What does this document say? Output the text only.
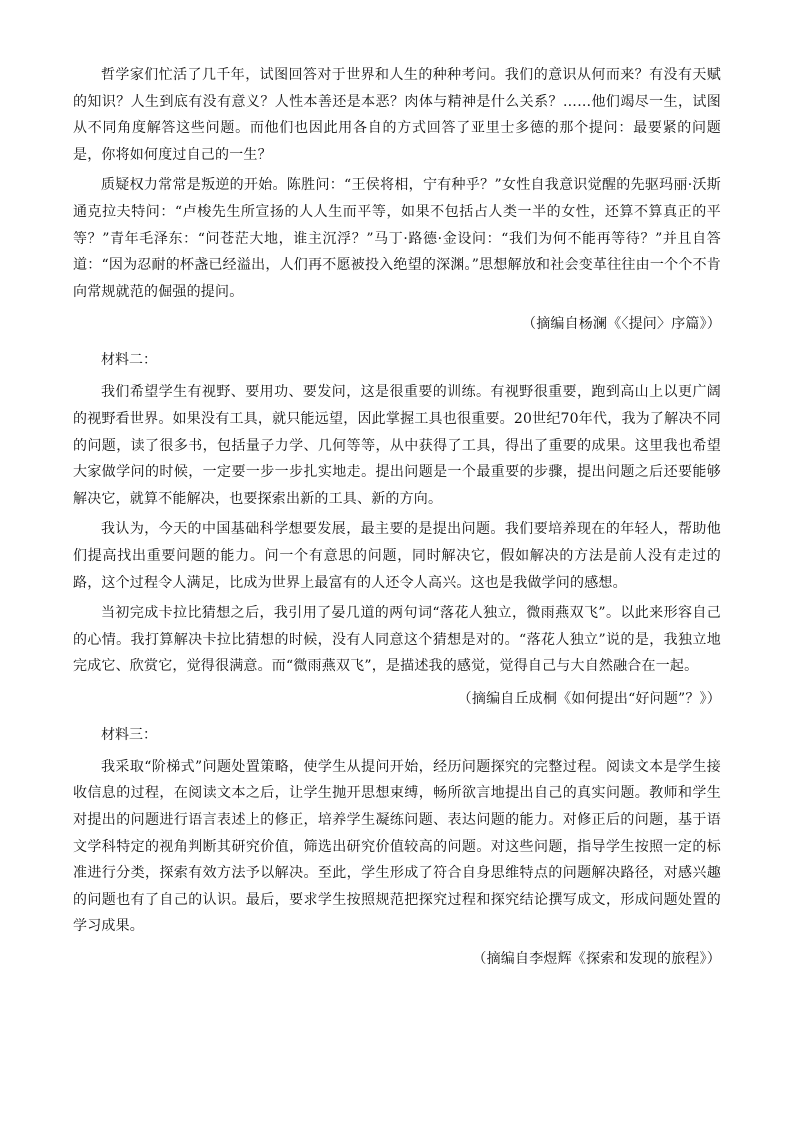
哲学家们忙活了几千年，试图回答对于世界和人生的种种考问。我们的意识从何而来？有没有天赋的知识？人生到底有没有意义？人性本善还是本恶？肉体与精神是什么关系？……他们竭尽一生，试图从不同角度解答这些问题。而他们也因此用各自的方式回答了亚里士多德的那个提问：最要紧的问题是，你将如何度过自己的一生？

质疑权力常常是叛逆的开始。陈胜问：“王侯将相，宁有种乎？”女性自我意识觉醒的先驱玛丽·沃斯通克拉夫特问：“卢梭先生所宣扬的人人生而平等，如果不包括占人类一半的女性，还算不算真正的平等？”青年毛泽东：“问苍茫大地，谁主沉浮？”马丁·路德·金设问：“我们为何不能再等待？”并且自答道：“因为忍耐的杯盏已经溢出，人们再不愿被投入绝望的深渊。”思想解放和社会变革往往由一个个不肯向常规就范的倔强的提问。

（摘编自杨澜《〈提问〉序篇》）

材料二：

我们希望学生有视野、要用功、要发问，这是很重要的训练。有视野很重要，跑到高山上以更广阔的视野看世界。如果没有工具，就只能远望，因此掌握工具也很重要。20世纪70年代，我为了解决不同的问题，读了很多书，包括量子力学、几何等等，从中获得了工具，得出了重要的成果。这里我也希望大家做学问的时候，一定要一步一步扎实地走。提出问题是一个最重要的步骤，提出问题之后还要能够解决它，就算不能解决，也要探索出新的工具、新的方向。

我认为，今天的中国基础科学想要发展，最主要的是提出问题。我们要培养现在的年轻人，帮助他们提高找出重要问题的能力。问一个有意思的问题，同时解决它，假如解决的方法是前人没有走过的路，这个过程令人满足，比成为世界上最富有的人还令人高兴。这也是我做学问的感想。

当初完成卡拉比猜想之后，我引用了晏几道的两句词“落花人独立，微雨燕双飞”。以此来形容自己的心情。我打算解决卡拉比猜想的时候，没有人同意这个猜想是对的。“落花人独立”说的是，我独立地完成它、欣赏它，觉得很满意。而“微雨燕双飞”，是描述我的感觉，觉得自己与大自然融合在一起。

（摘编自丘成桐《如何提出“好问题”？》）

材料三：

我采取“阶梯式”问题处置策略，使学生从提问开始，经历问题探究的完整过程。阅读文本是学生接收信息的过程，在阅读文本之后，让学生抛开思想束缚，畅所欲言地提出自己的真实问题。教师和学生对提出的问题进行语言表述上的修正，培养学生凝练问题、表达问题的能力。对修正后的问题，基于语文学科特定的视角判断其研究价值，筛选出研究价值较高的问题。对这些问题，指导学生按照一定的标准进行分类，探索有效方法予以解决。至此，学生形成了符合自身思维特点的问题解决路径，对感兴趣的问题也有了自己的认识。最后，要求学生按照规范把探究过程和探究结论撰写成文，形成问题处置的学习成果。

（摘编自李煜辉《探索和发现的旅程》）
